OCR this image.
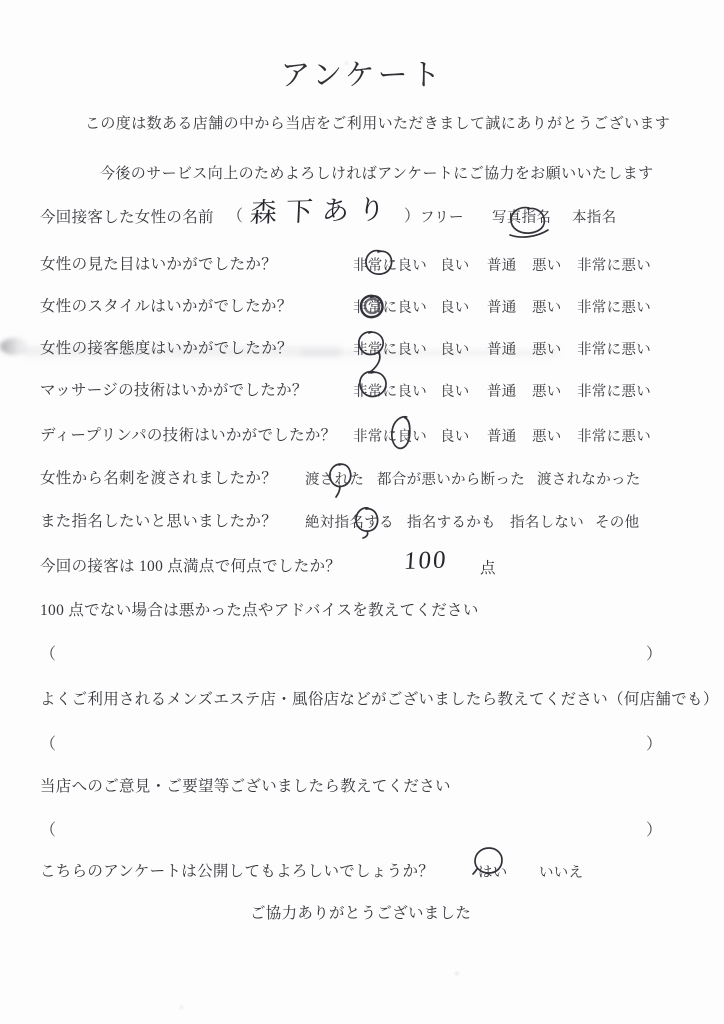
アンケート
この度は数ある店舗の中から当店をご利用いただきまして誠にありがとうございます
今後のサービス向上のためよろしければアンケートにご協力をお願いいたします
今回接客した女性の名前 （ 森下あり ） フリー 写真指名 本指名
女性の見た目はいかがでしたか？	非常に良い 良い 普通 悪い 非常に悪い
女性のスタイルはいかがでしたか？	非常に良い 良い 普通 悪い 非常に悪い
女性の接客態度はいかがでしたか？	非常に良い 良い 普通 悪い 非常に悪い
マッサージの技術はいかがでしたか？	非常に良い 良い 普通 悪い 非常に悪い
ディープリンパの技術はいかがでしたか？ 非常に良い 良い 普通 悪い 非常に悪い
女性から名刺を渡されましたか？ 渡された 都合が悪いから断った 渡されなかった
また指名したいと思いましたか？ 絶対指名する 指名するかも 指名しない その他
今回の接客は 100 点満点で何点でしたか？ 100 点
100 点でない場合は悪かった点やアドバイスを教えてください
（	）
よくご利用されるメンズエステ店・風俗店などがございましたら教えてください（何店舗でも）
（	）
当店へのご意見・ご要望等ございましたら教えてください
（	）
こちらのアンケートは公開してもよろしいでしょうか？	はい いいえ
ご協力ありがとうございました
